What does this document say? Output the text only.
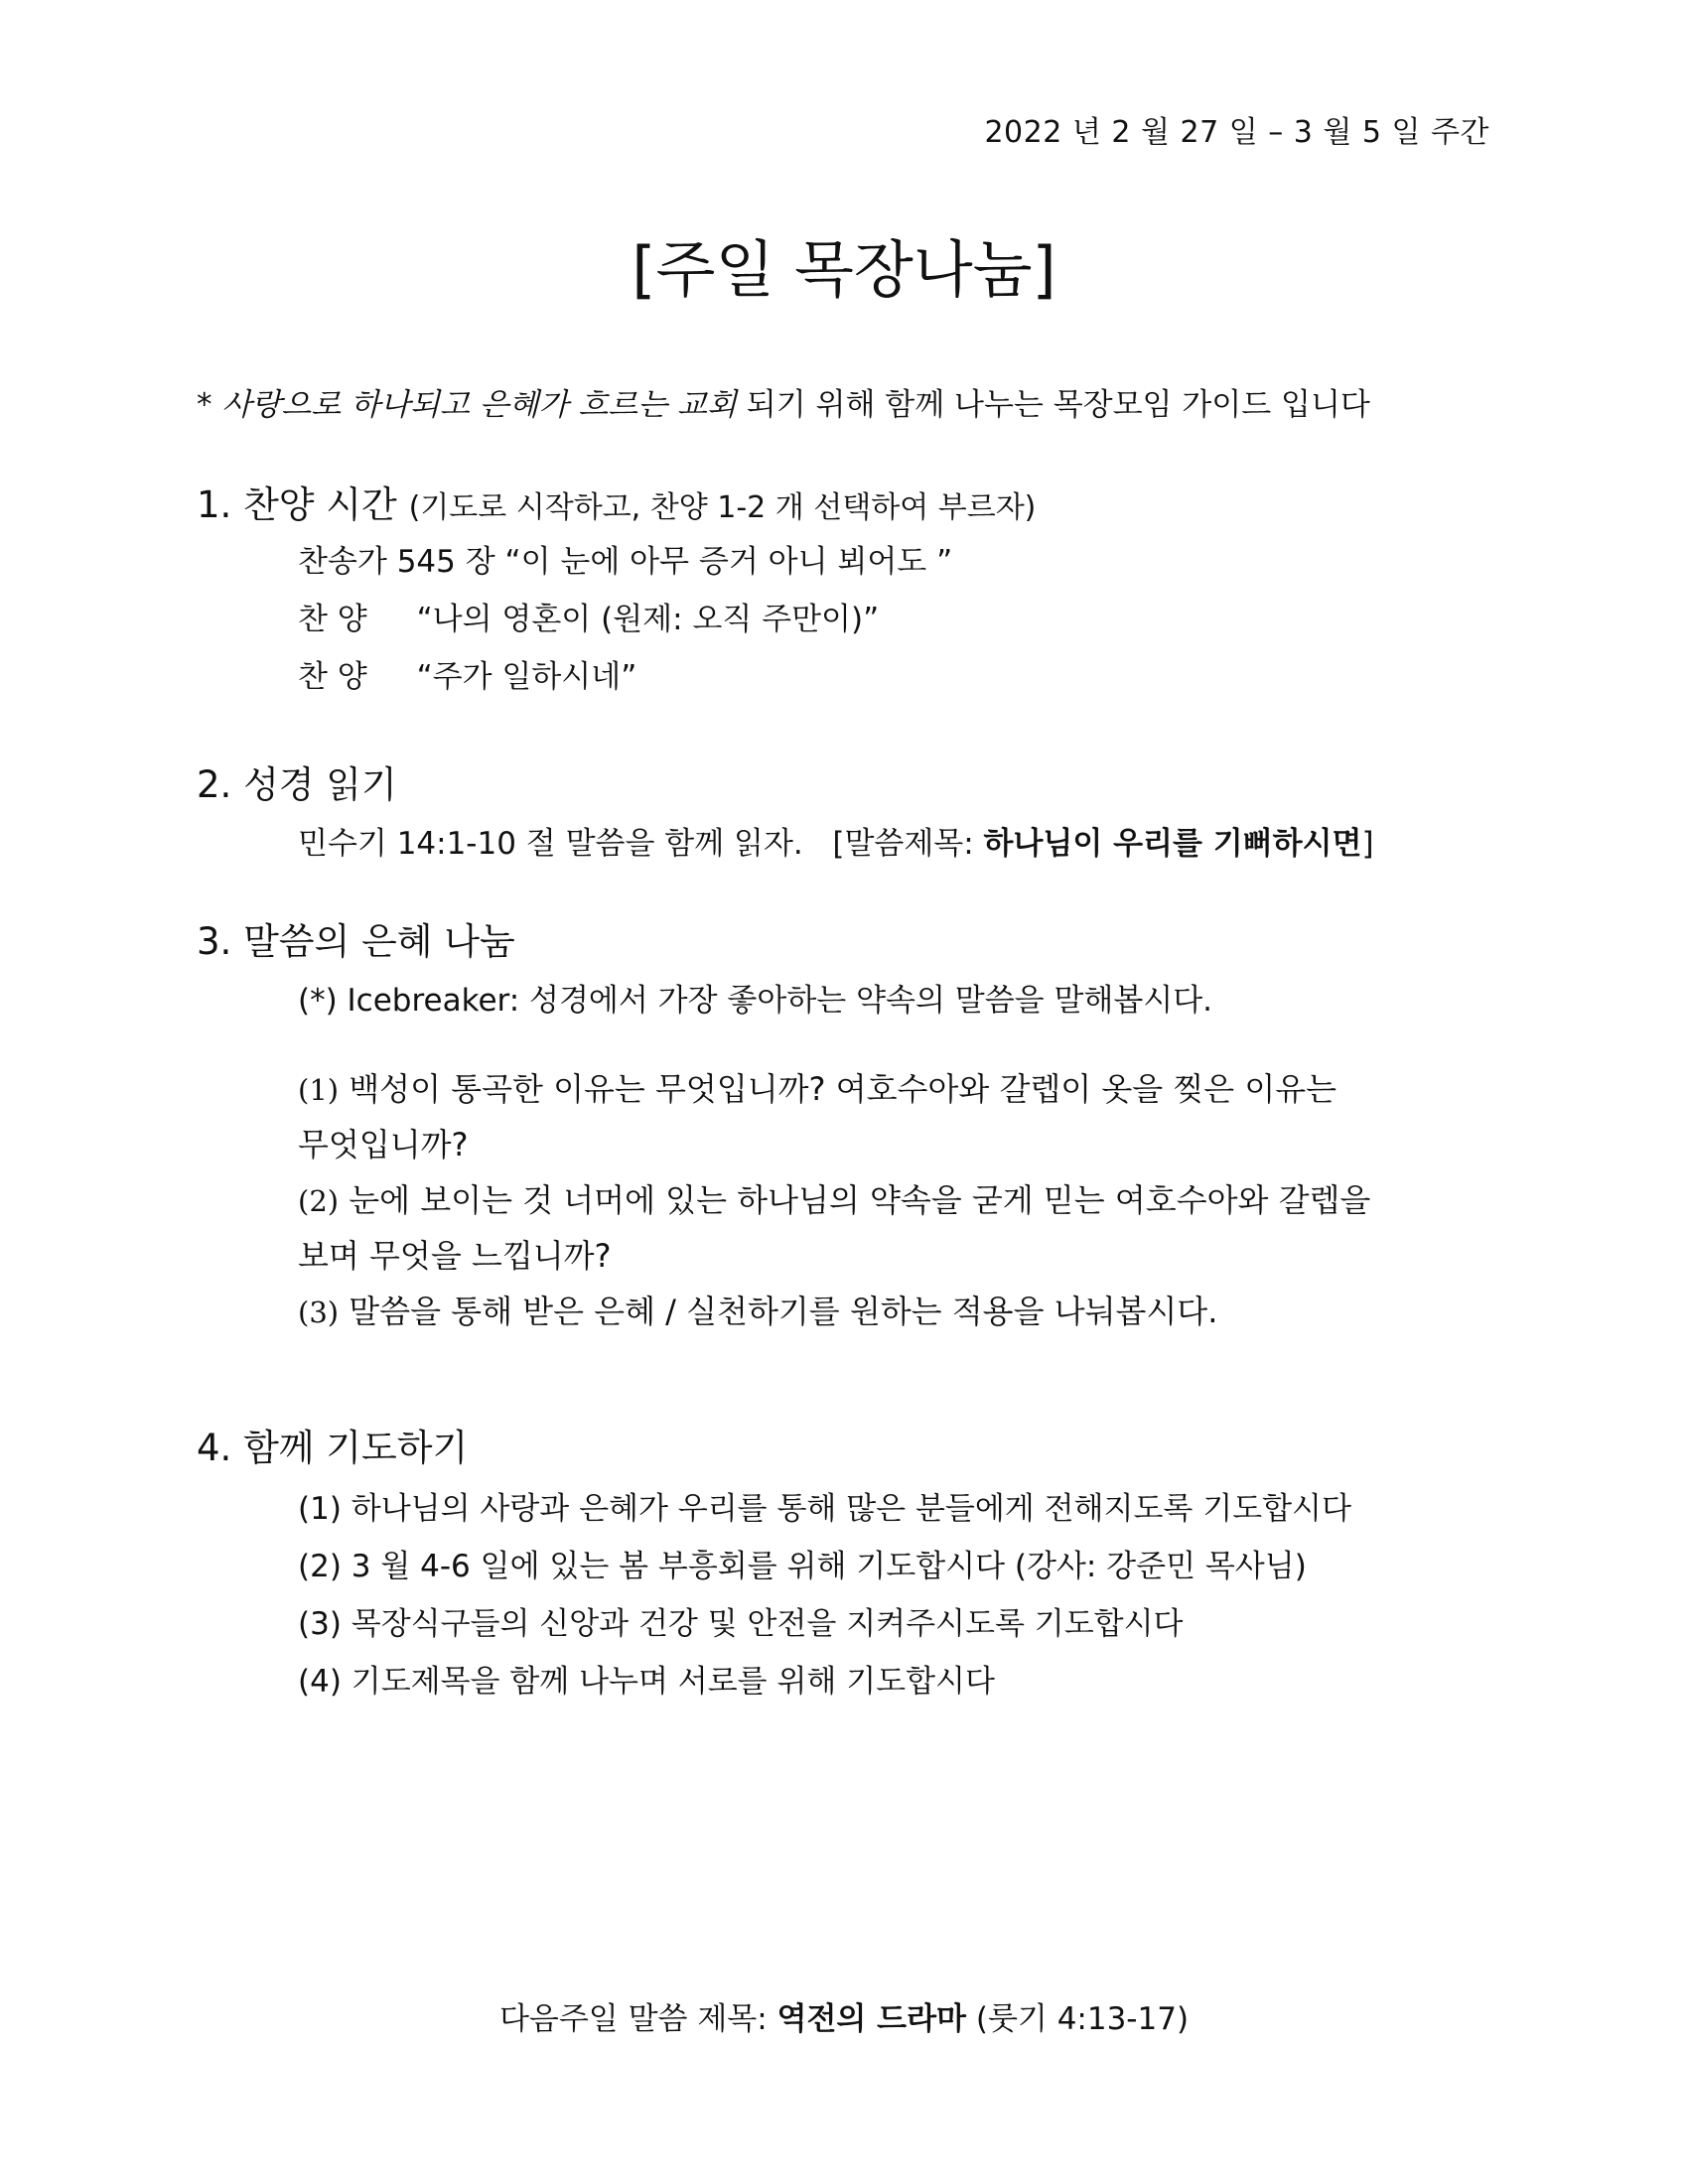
2022 년 2 월 27 일 – 3 월 5 일 주간
[주일 목장나눔]
* 사랑으로 하나되고 은혜가 흐르는 교회 되기 위해 함께 나누는 목장모임 가이드 입니다
1. 찬양 시간 (기도로 시작하고, 찬양 1-2 개 선택하여 부르자)
찬송가 545 장 “이 눈에 아무 증거 아니 뵈어도 ”
찬 양 “나의 영혼이 (원제: 오직 주만이)”
찬 양 “주가 일하시네”
2. 성경 읽기
민수기 14:1-10 절 말씀을 함께 읽자. [말씀제목: 하나님이 우리를 기뻐하시면]
3. 말씀의 은혜 나눔
(*) Icebreaker: 성경에서 가장 좋아하는 약속의 말씀을 말해봅시다.
(1) 백성이 통곡한 이유는 무엇입니까? 여호수아와 갈렙이 옷을 찢은 이유는
무엇입니까?
(2) 눈에 보이는 것 너머에 있는 하나님의 약속을 굳게 믿는 여호수아와 갈렙을
보며 무엇을 느낍니까?
(3) 말씀을 통해 받은 은혜 / 실천하기를 원하는 적용을 나눠봅시다.
4. 함께 기도하기
(1) 하나님의 사랑과 은혜가 우리를 통해 많은 분들에게 전해지도록 기도합시다
(2) 3 월 4-6 일에 있는 봄 부흥회를 위해 기도합시다 (강사: 강준민 목사님)
(3) 목장식구들의 신앙과 건강 및 안전을 지켜주시도록 기도합시다
(4) 기도제목을 함께 나누며 서로를 위해 기도합시다
다음주일 말씀 제목: 역전의 드라마 (룻기 4:13-17)
